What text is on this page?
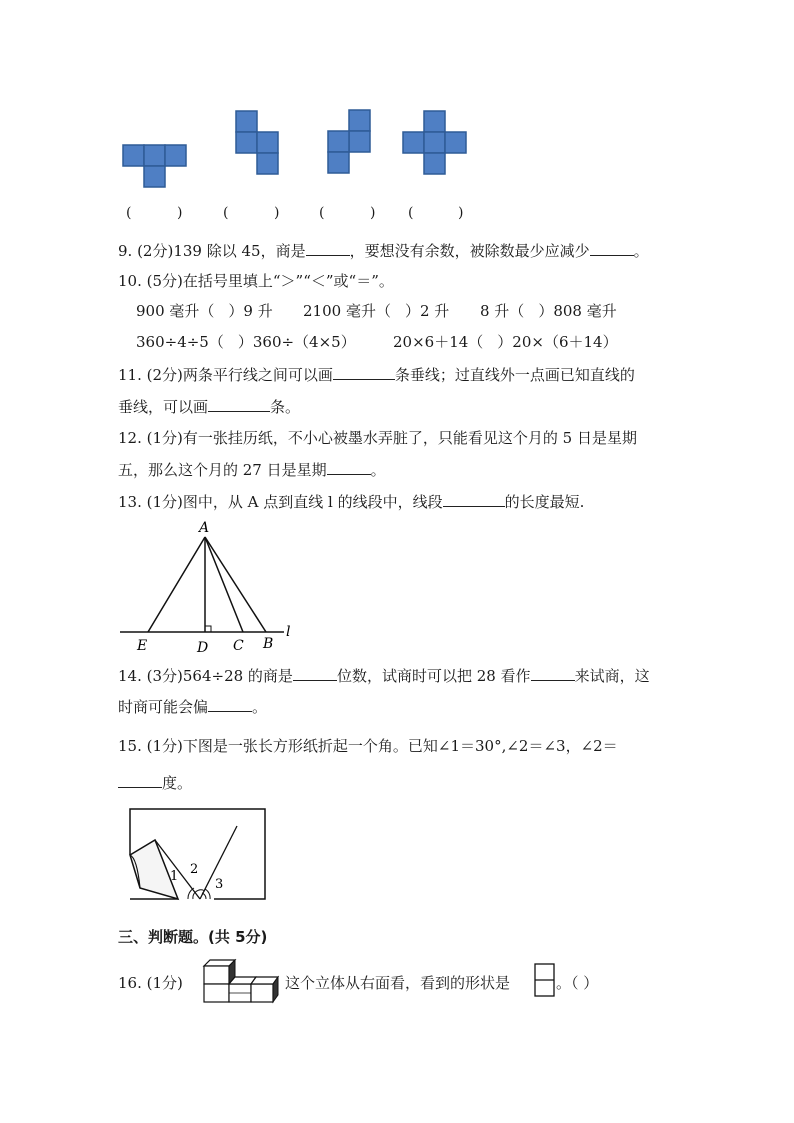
(	)	(	)	(	) (	)
9. (2分)139 除以 45，商是	，要想没有余数，被除数最少应减少	。
10. (5分)在括号里填上“＞”“＜”或“＝”。
900 毫升（ ）9 升 2100 毫升（ ）2 升 8 升（ ）808 毫升
360÷4÷5（ ）360÷（4×5） 20×6＋14（ ）20×（6＋14）
11. (2分)两条平行线之间可以画	条垂线；过直线外一点画已知直线的
垂线，可以画	条。
12. (1分)有一张挂历纸，不小心被墨水弄脏了，只能看见这个月的 5 日是星期
五，那么这个月的 27 日是星期	。
13. (1分)图中，从 A 点到直线 l 的线段中，线段	的长度最短.
A
E	D C B
l
14. (3分)564÷28 的商是	位数，试商时可以把 28 看作	来试商，这
时商可能会偏	。
15. (1分)下图是一张长方形纸折起一个角。已知∠1＝30°,∠2＝∠3，∠2＝
度。
1 2
3
三、判断题。(共 5分)
16. (1分)	这个立体从右面看，看到的形状是	。（ ）
